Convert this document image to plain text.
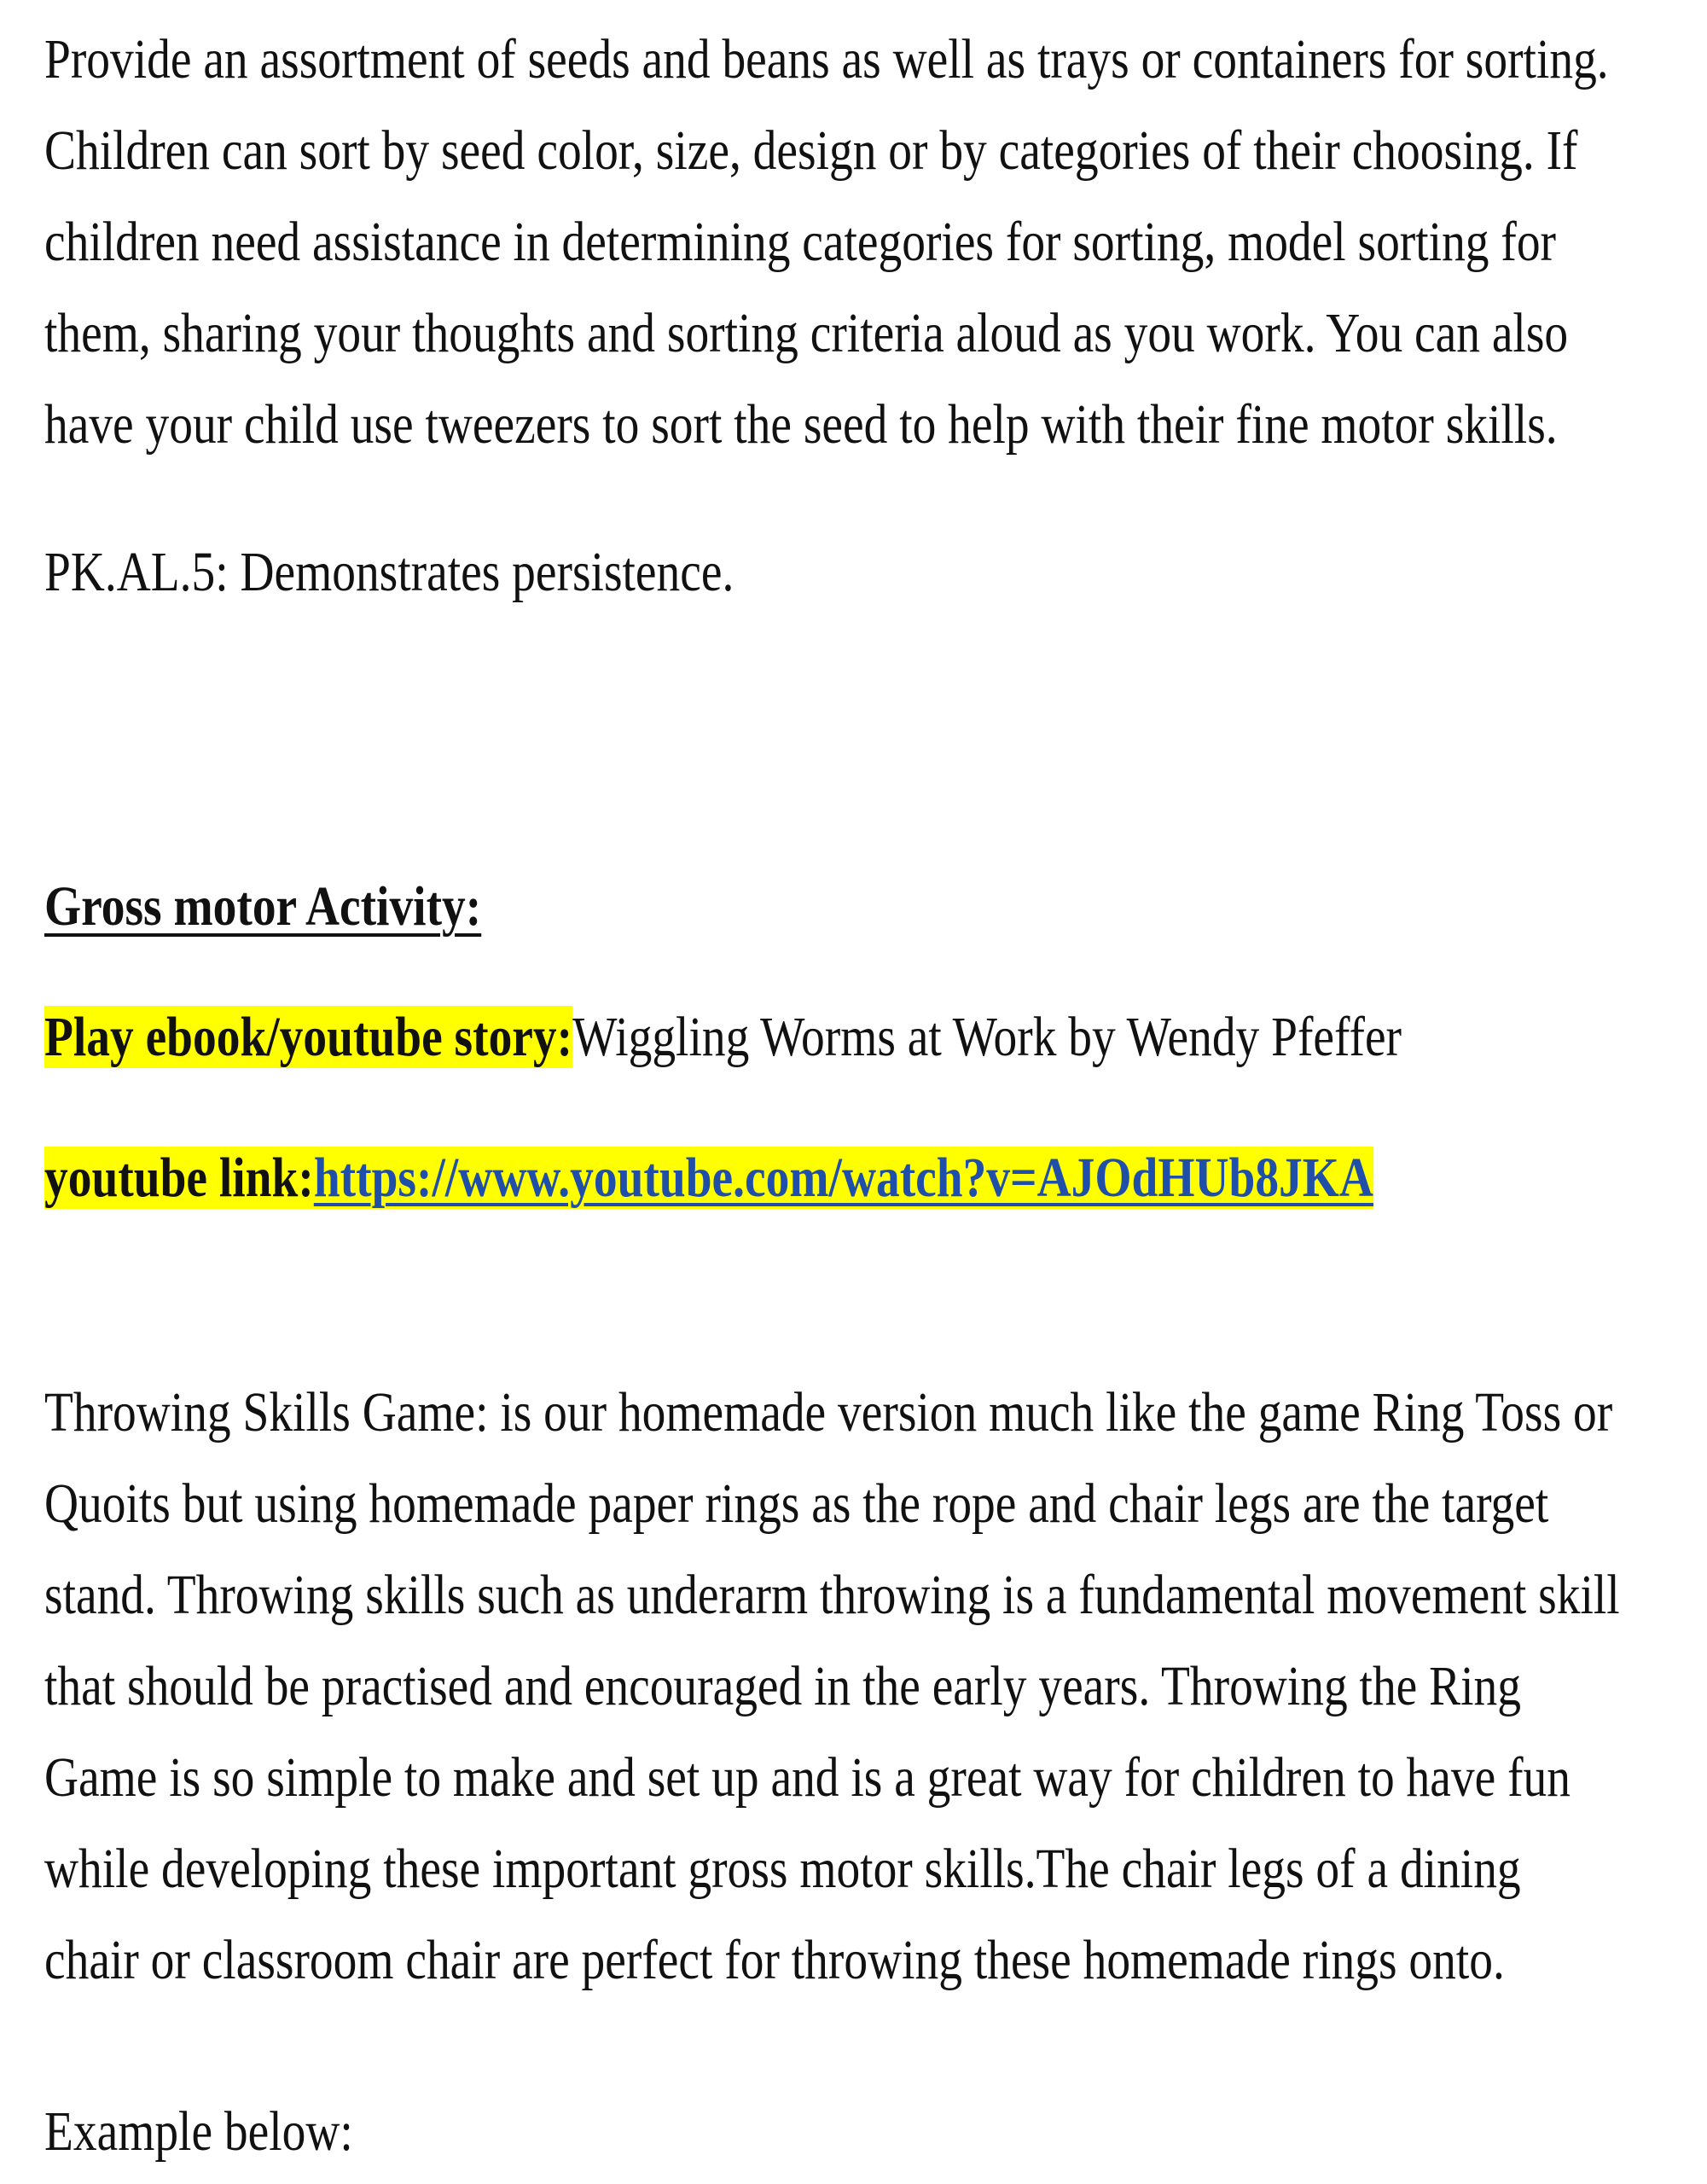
Provide an assortment of seeds and beans as well as trays or containers for sorting.
Children can sort by seed color, size, design or by categories of their choosing. If
children need assistance in determining categories for sorting, model sorting for
them, sharing your thoughts and sorting criteria aloud as you work. You can also
have your child use tweezers to sort the seed to help with their fine motor skills.
PK.AL.5: Demonstrates persistence.
Gross motor Activity:
Play ebook/youtube story:Wiggling Worms at Work by Wendy Pfeffer
youtube link:https://www.youtube.com/watch?v=AJOdHUb8JKA
Throwing Skills Game: is our homemade version much like the game Ring Toss or
Quoits but using homemade paper rings as the rope and chair legs are the target
stand. Throwing skills such as underarm throwing is a fundamental movement skill
that should be practised and encouraged in the early years. Throwing the Ring
Game is so simple to make and set up and is a great way for children to have fun
while developing these important gross motor skills.The chair legs of a dining
chair or classroom chair are perfect for throwing these homemade rings onto.
Example below:
